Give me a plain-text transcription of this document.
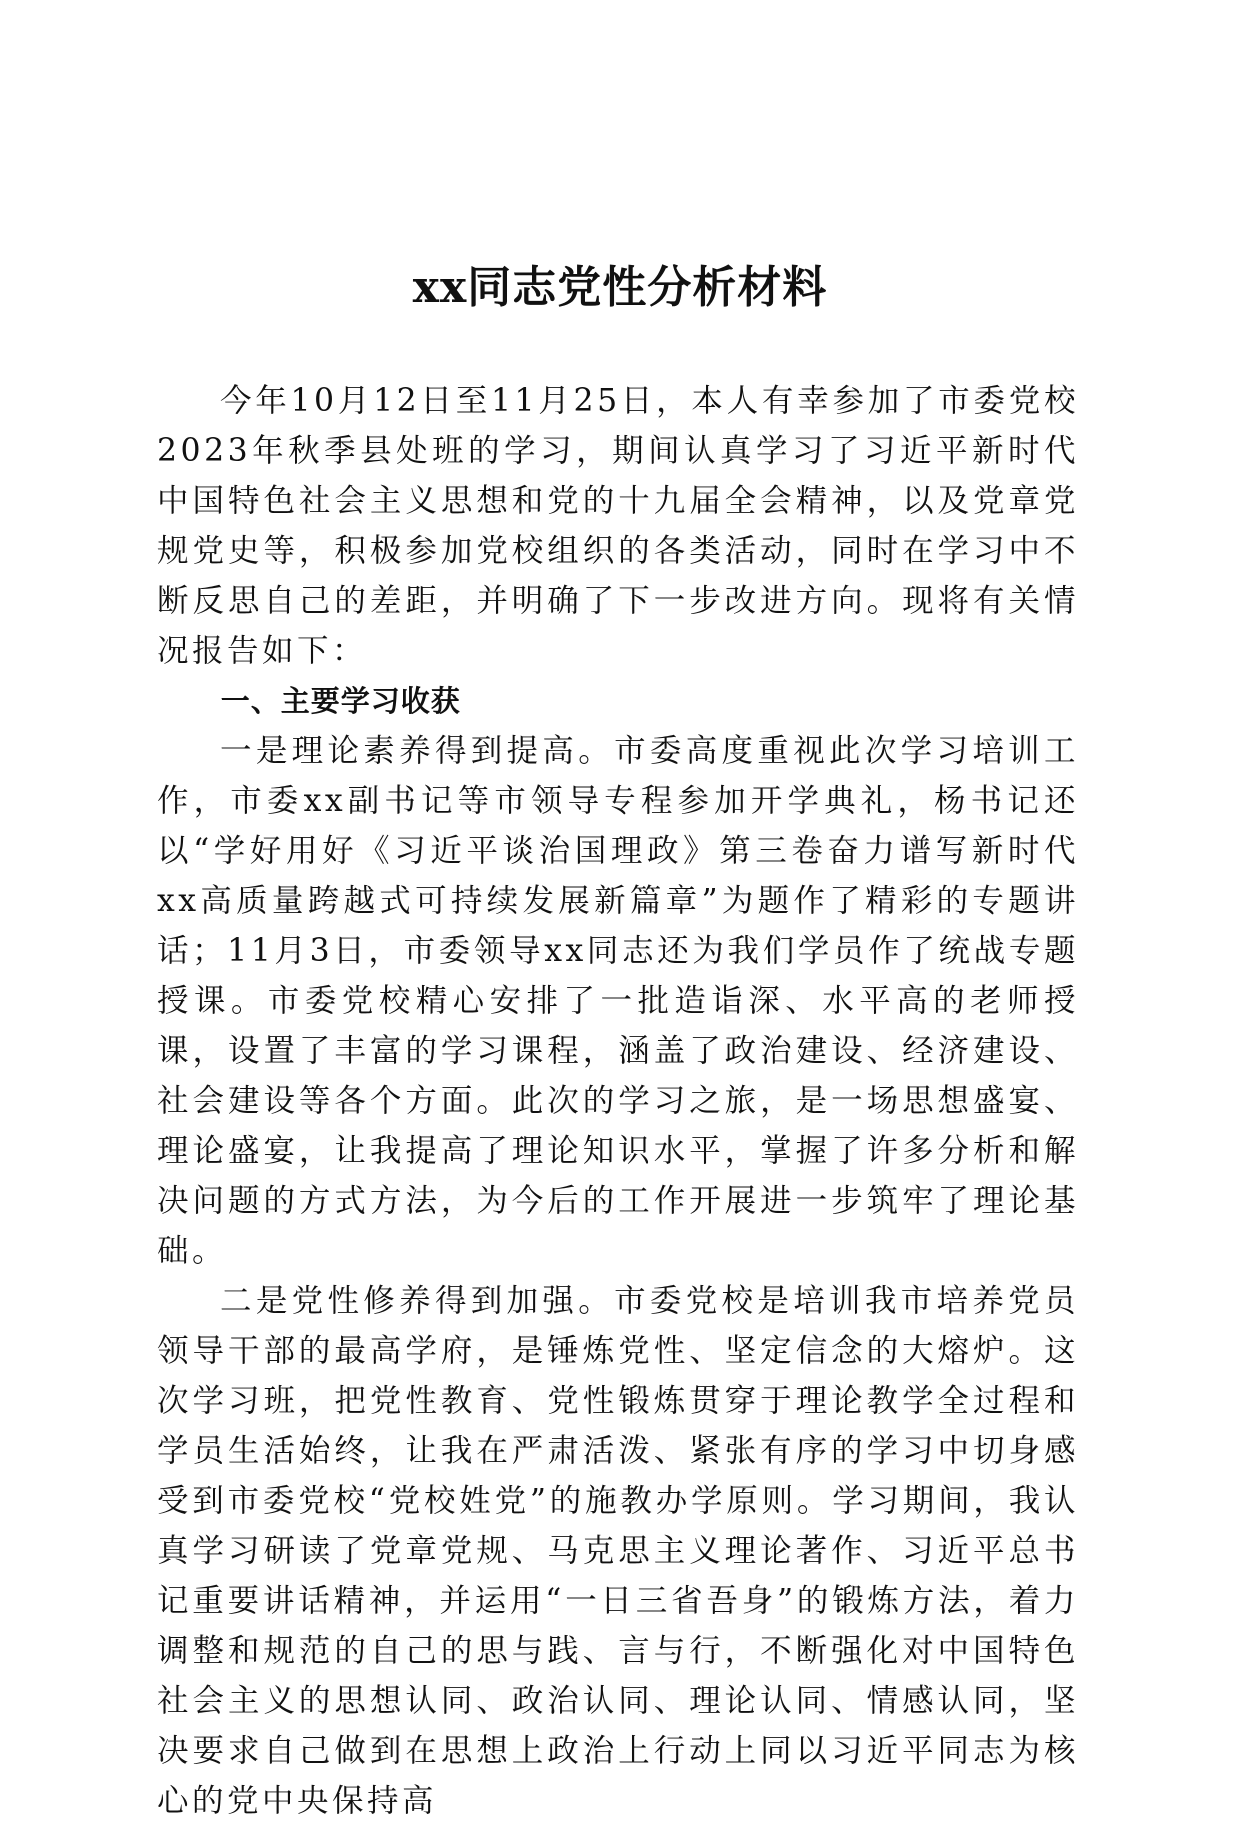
xx同志党性分析材料

今年10月12日至11月25日，本人有幸参加了市委党校2023年秋季县处班的学习，期间认真学习了习近平新时代中国特色社会主义思想和党的十九届全会精神，以及党章党规党史等，积极参加党校组织的各类活动，同时在学习中不断反思自己的差距，并明确了下一步改进方向。现将有关情况报告如下：

一、主要学习收获

一是理论素养得到提高。市委高度重视此次学习培训工作，市委xx副书记等市领导专程参加开学典礼，杨书记还以“学好用好《习近平谈治国理政》第三卷奋力谱写新时代xx高质量跨越式可持续发展新篇章”为题作了精彩的专题讲话；11月3日，市委领导xx同志还为我们学员作了统战专题授课。市委党校精心安排了一批造诣深、水平高的老师授课，设置了丰富的学习课程，涵盖了政治建设、经济建设、社会建设等各个方面。此次的学习之旅，是一场思想盛宴、理论盛宴，让我提高了理论知识水平，掌握了许多分析和解决问题的方式方法，为今后的工作开展进一步筑牢了理论基础。

二是党性修养得到加强。市委党校是培训我市培养党员领导干部的最高学府，是锤炼党性、坚定信念的大熔炉。这次学习班，把党性教育、党性锻炼贯穿于理论教学全过程和学员生活始终，让我在严肃活泼、紧张有序的学习中切身感受到市委党校“党校姓党”的施教办学原则。学习期间，我认真学习研读了党章党规、马克思主义理论著作、习近平总书记重要讲话精神，并运用“一日三省吾身”的锻炼方法，着力调整和规范的自己的思与践、言与行，不断强化对中国特色社会主义的思想认同、政治认同、理论认同、情感认同，坚决要求自己做到在思想上政治上行动上同以习近平同志为核心的党中央保持高
